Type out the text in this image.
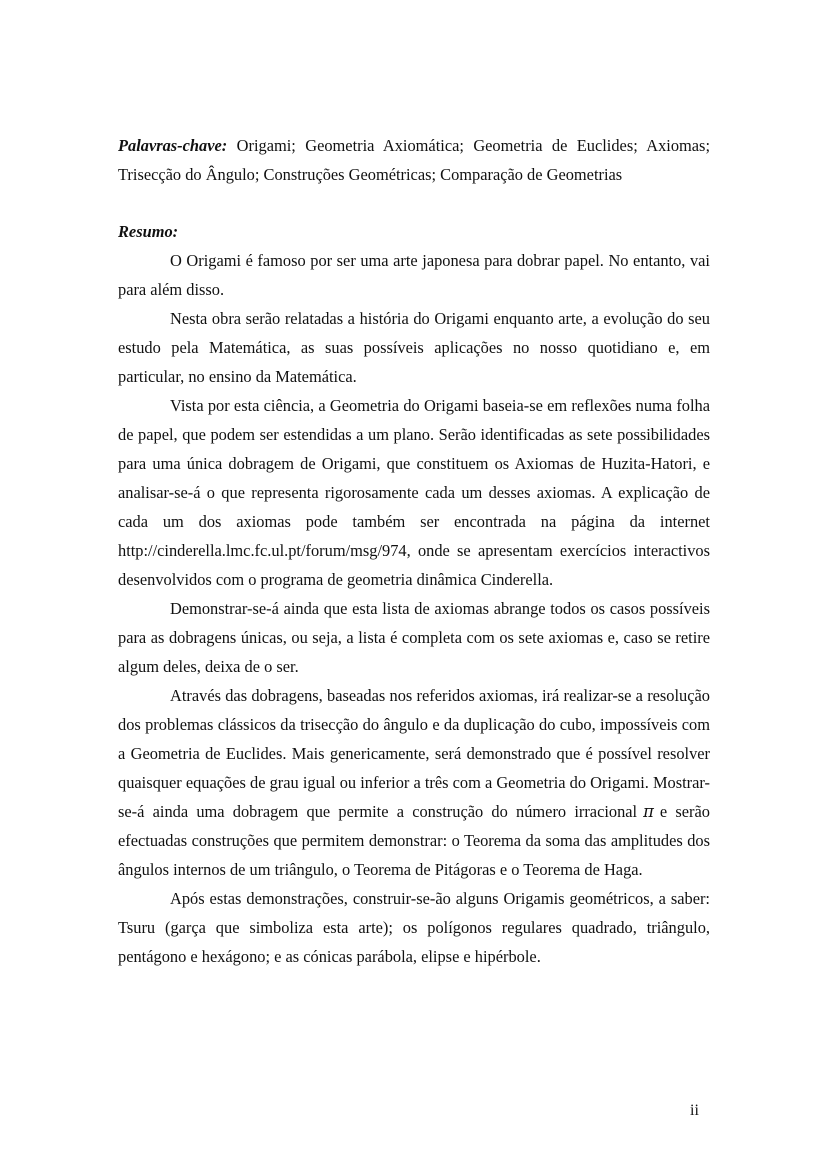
Palavras-chave: Origami; Geometria Axiomática; Geometria de Euclides; Axiomas; Trisecção do Ângulo; Construções Geométricas; Comparação de Geometrias

Resumo:

O Origami é famoso por ser uma arte japonesa para dobrar papel. No entanto, vai para além disso.

Nesta obra serão relatadas a história do Origami enquanto arte, a evolução do seu estudo pela Matemática, as suas possíveis aplicações no nosso quotidiano e, em particular, no ensino da Matemática.

Vista por esta ciência, a Geometria do Origami baseia-se em reflexões numa folha de papel, que podem ser estendidas a um plano. Serão identificadas as sete possibilidades para uma única dobragem de Origami, que constituem os Axiomas de Huzita-Hatori, e analisar-se-á o que representa rigorosamente cada um desses axiomas. A explicação de cada um dos axiomas pode também ser encontrada na página da internet http://cinderella.lmc.fc.ul.pt/forum/msg/974, onde se apresentam exercícios interactivos desenvolvidos com o programa de geometria dinâmica Cinderella.

Demonstrar-se-á ainda que esta lista de axiomas abrange todos os casos possíveis para as dobragens únicas, ou seja, a lista é completa com os sete axiomas e, caso se retire algum deles, deixa de o ser.

Através das dobragens, baseadas nos referidos axiomas, irá realizar-se a resolução dos problemas clássicos da trisecção do ângulo e da duplicação do cubo, impossíveis com a Geometria de Euclides. Mais genericamente, será demonstrado que é possível resolver quaisquer equações de grau igual ou inferior a três com a Geometria do Origami. Mostrar-se-á ainda uma dobragem que permite a construção do número irracional π e serão efectuadas construções que permitem demonstrar: o Teorema da soma das amplitudes dos ângulos internos de um triângulo, o Teorema de Pitágoras e o Teorema de Haga.

Após estas demonstrações, construir-se-ão alguns Origamis geométricos, a saber: Tsuru (garça que simboliza esta arte); os polígonos regulares quadrado, triângulo, pentágono e hexágono; e as cónicas parábola, elipse e hipérbole.

ii
